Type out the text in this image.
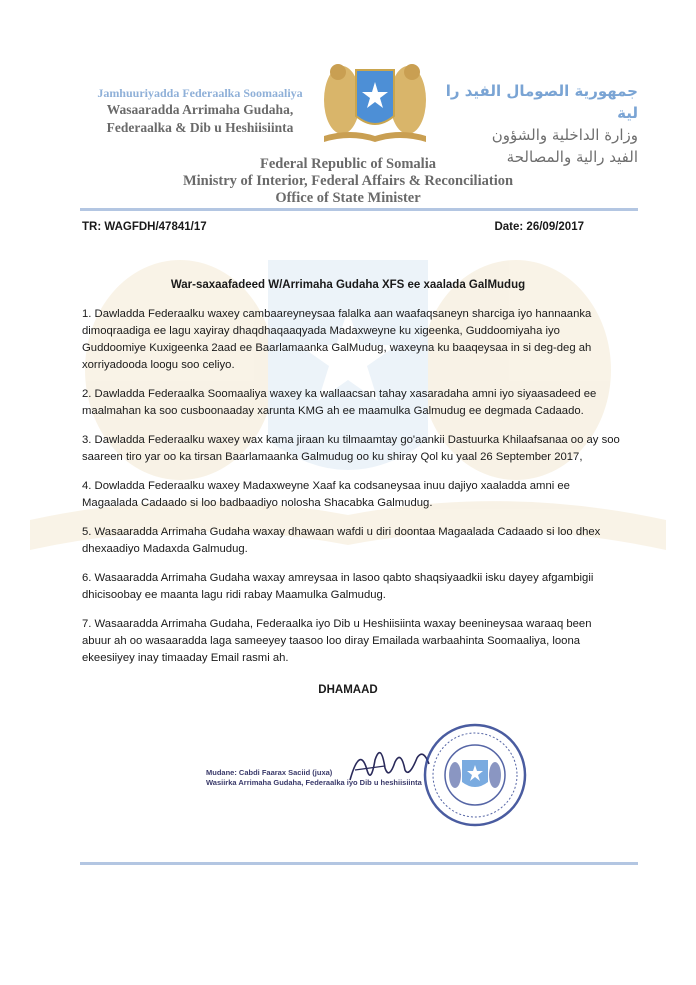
Jamhuuriyadda Federaalka Soomaaliya
Wasaaradda Arrimaha Gudaha,
Federaalka & Dib u Heshiisiinta
جمهورية الصومال الفيد را لية
وزارة الداخلية والشؤون
الفيد رالية والمصالحة
Federal Republic of Somalia
Ministry of Interior, Federal Affairs & Reconciliation
Office of State Minister
TR: WAGFDH/47841/17	Date: 26/09/2017
War-saxaafadeed W/Arrimaha Gudaha XFS ee xaalada GalMudug

1. Dawladda Federaalku waxey cambaareyneysaa falalka aan waafaqsaneyn sharciga iyo hannaanka dimoqraadiga ee lagu xayiray dhaqdhaqaaqyada Madaxweyne ku xigeenka, Guddoomiyaha iyo Guddoomiye Kuxigeenka 2aad ee Baarlamaanka GalMudug, waxeyna ku baaqeysaa in si deg-deg ah xorriyadooda loogu soo celiyo.

2. Dawladda Federaalka Soomaaliya waxey ka wallaacsan tahay xasaradaha amni iyo siyaasadeed ee maalmahan ka soo cusboonaaday xarunta KMG ah ee maamulka Galmudug ee degmada Cadaado.

3. Dawladda Federaalku waxey wax kama jiraan ku tilmaamtay go'aankii Dastuurka Khilaafsanaa oo ay soo saareen tiro yar oo ka tirsan Baarlamaanka Galmudug oo ku shiray Qol ku yaal 26 September 2017,

4. Dowladda Federaalku waxey Madaxweyne Xaaf ka codsaneysaa inuu dajiyo xaaladda amni ee Magaalada Cadaado si loo badbaadiyo nolosha Shacabka Galmudug.

5. Wasaaradda Arrimaha Gudaha waxay dhawaan wafdi u diri doontaa Magaalada Cadaado si loo dhex dhexaadiyo Madaxda Galmudug.

6. Wasaaradda Arrimaha Gudaha waxay amreysaa in lasoo qabto shaqsiyaadkii isku dayey afgambigii dhicisoobay ee maanta lagu ridi rabay Maamulka Galmudug.

7. Wasaaradda Arrimaha Gudaha, Federaalka iyo Dib u Heshiisiinta waxay beenineysaa waraaq been abuur ah oo wasaaradda laga sameeyey taasoo loo diray Emailada warbaahinta Soomaaliya, loona ekeesiiyey inay timaaday Email rasmi ah.

DHAMAAD
Mudane: Cabdi Faarax Saciid (juxa)
Wasiirka Arrimaha Gudaha, Federaalka iyo Dib u heshiisiinta
